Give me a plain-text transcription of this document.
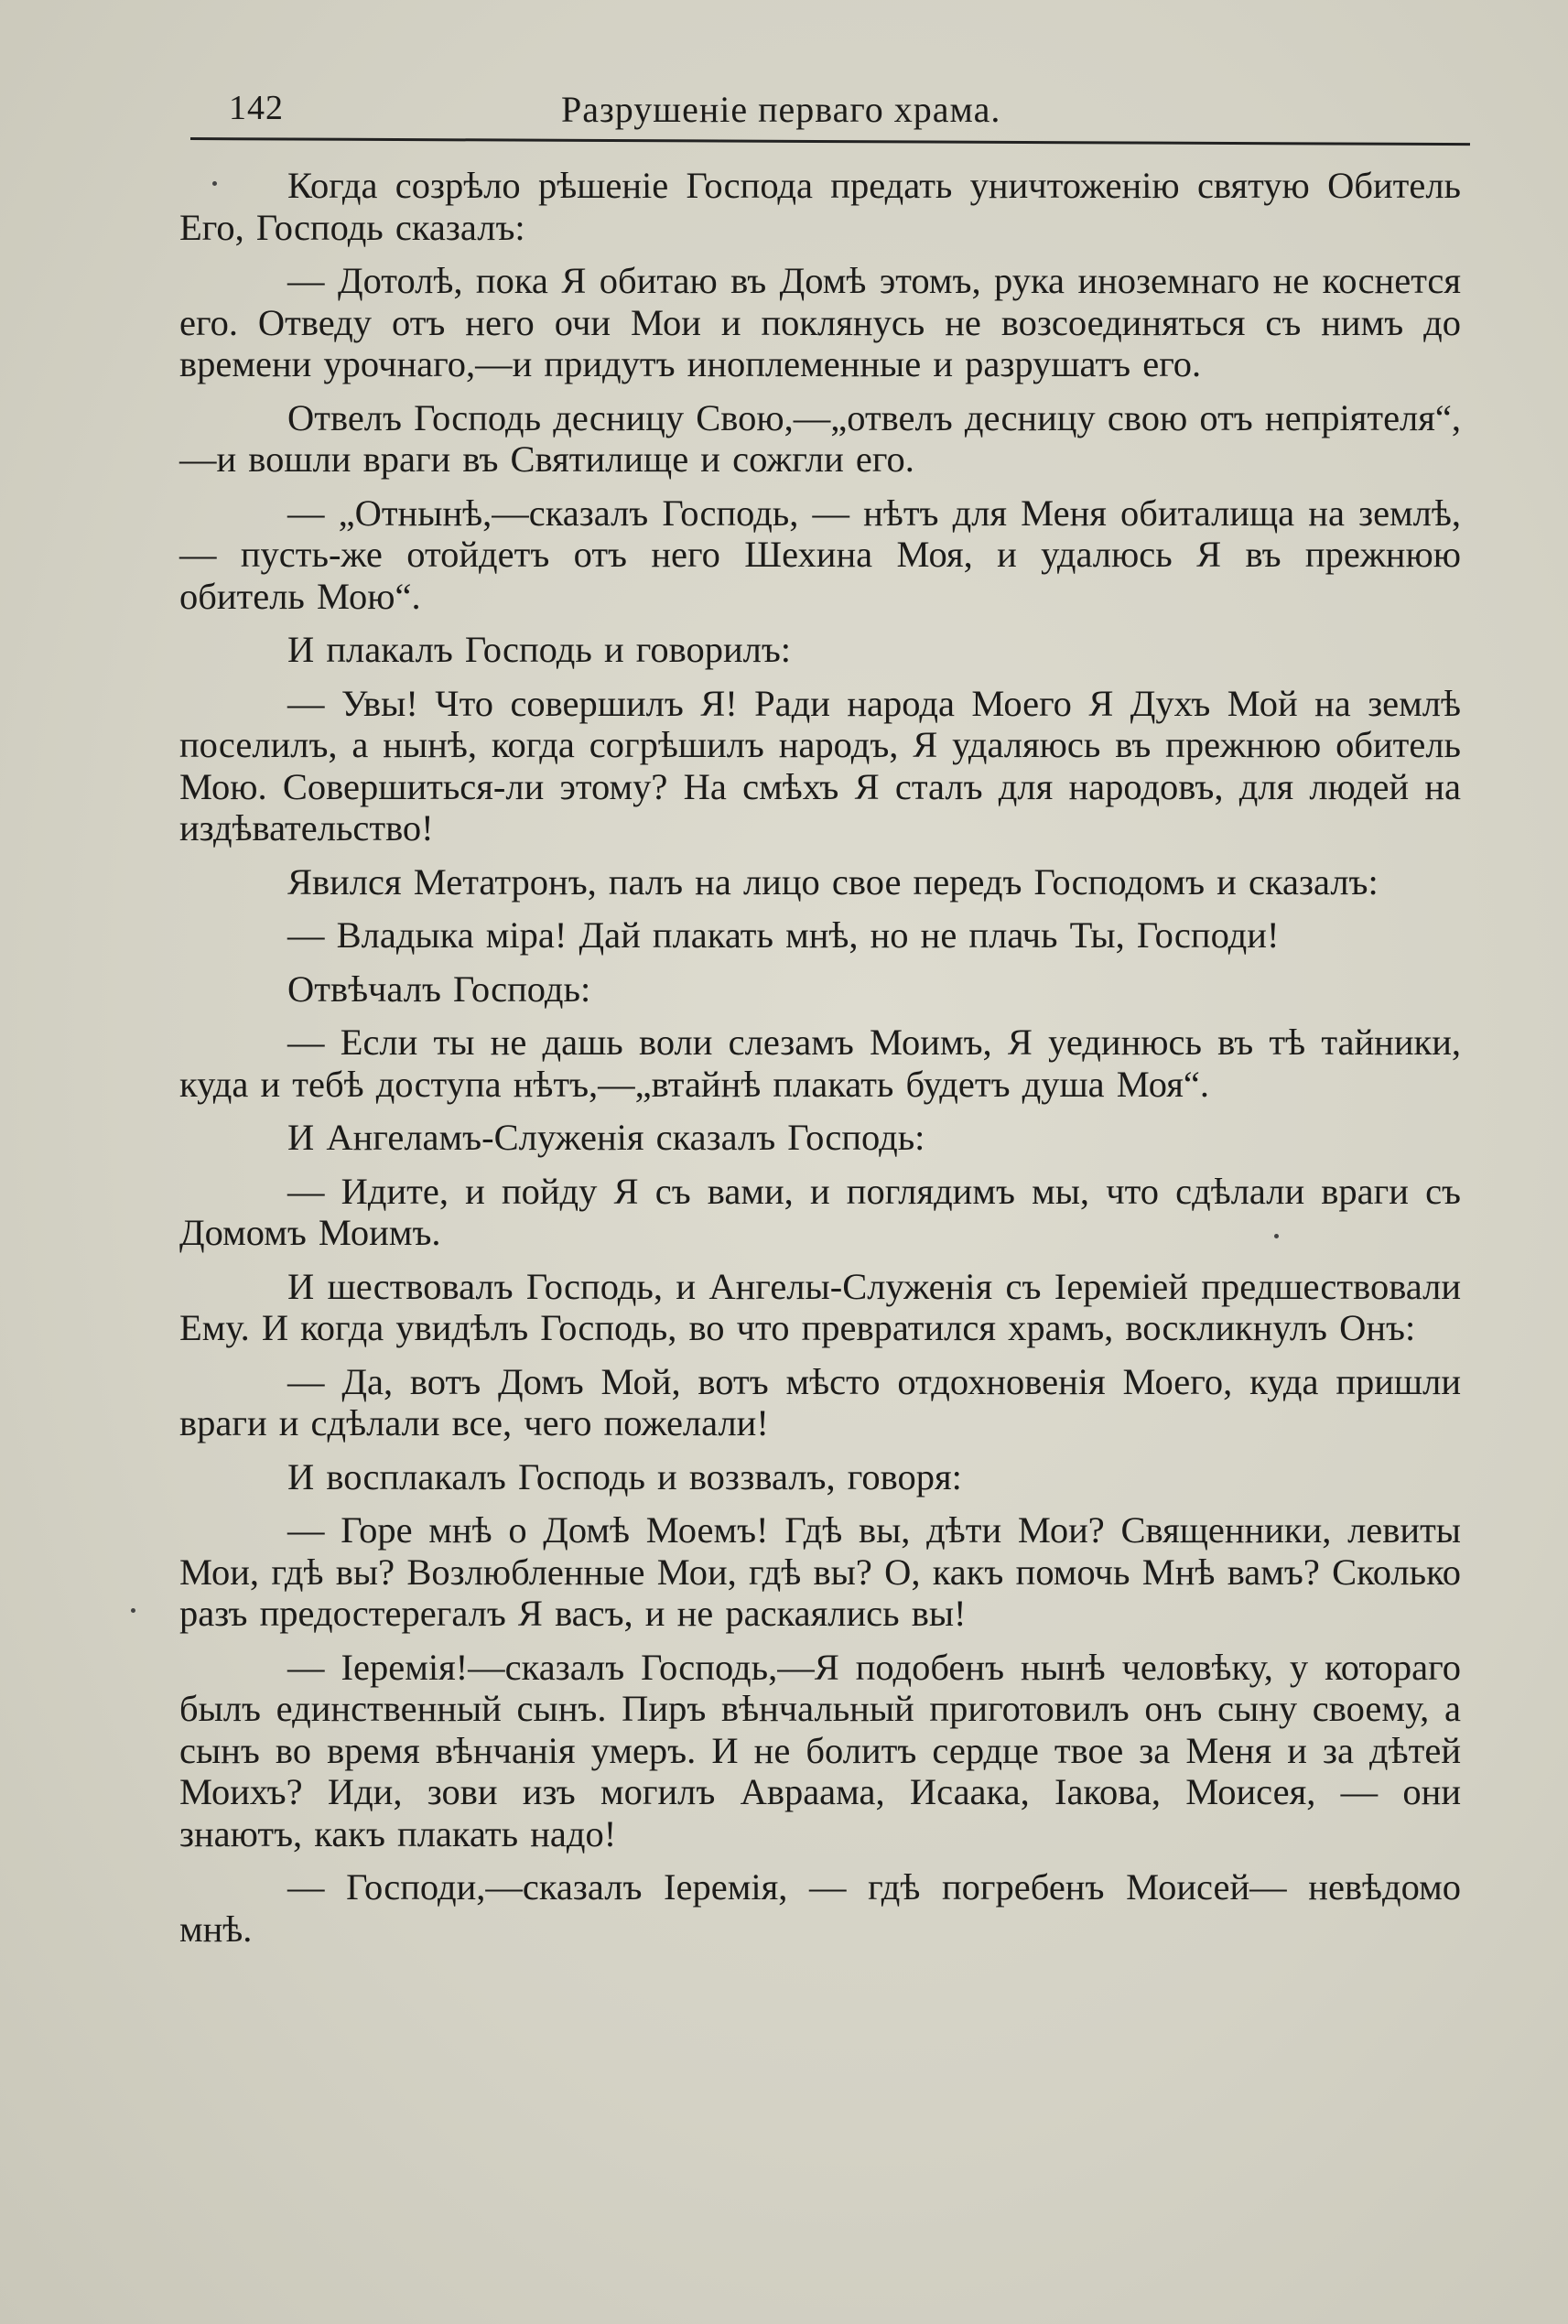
142	Разрушеніе перваго храма.

Когда созрѣло рѣшеніе Господа предать уничтоженію святую Обитель Его, Господь сказалъ:

— Дотолѣ, пока Я обитаю въ Домѣ этомъ, рука иноземнаго не коснется его. Отведу отъ него очи Мои и поклянусь не возсоединяться съ нимъ до времени урочнаго,—и придутъ иноплеменные и разрушатъ его.

Отвелъ Господь десницу Свою,—„отвелъ десницу свою отъ непріятеля“,—и вошли враги въ Святилище и сожгли его.

— „Отнынѣ,—сказалъ Господь, — нѣтъ для Меня обиталища на землѣ, — пусть-же отойдетъ отъ него Шехина Моя, и удалюсь Я въ прежнюю обитель Мою“.

И плакалъ Господь и говорилъ:

— Увы! Что совершилъ Я! Ради народа Моего Я Духъ Мой на землѣ поселилъ, а нынѣ, когда согрѣшилъ народъ, Я удаляюсь въ прежнюю обитель Мою. Совершиться-ли этому? На смѣхъ Я сталъ для народовъ, для людей на издѣвательство!

Явился Метатронъ, палъ на лицо свое передъ Господомъ и сказалъ:

— Владыка міра! Дай плакать мнѣ, но не плачь Ты, Господи!

Отвѣчалъ Господь:

— Если ты не дашь воли слезамъ Моимъ, Я уединюсь въ тѣ тайники, куда и тебѣ доступа нѣтъ,—„втайнѣ плакать будетъ душа Моя“.

И Ангеламъ-Служенія сказалъ Господь:

— Идите, и пойду Я съ вами, и поглядимъ мы, что сдѣлали враги съ Домомъ Моимъ.

И шествовалъ Господь, и Ангелы-Служенія съ Іереміей предшествовали Ему. И когда увидѣлъ Господь, во что превратился храмъ, воскликнулъ Онъ:

— Да, вотъ Домъ Мой, вотъ мѣсто отдохновенія Моего, куда пришли враги и сдѣлали все, чего пожелали!

И восплакалъ Господь и воззвалъ, говоря:

— Горе мнѣ о Домѣ Моемъ! Гдѣ вы, дѣти Мои? Священники, левиты Мои, гдѣ вы? Возлюбленные Мои, гдѣ вы? О, какъ помочь Мнѣ вамъ? Сколько разъ предостерегалъ Я васъ, и не раскаялись вы!

— Іеремія!—сказалъ Господь,—Я подобенъ нынѣ человѣку, у котораго былъ единственный сынъ. Пиръ вѣнчальный приготовилъ онъ сыну своему, а сынъ во время вѣнчанія умеръ. И не болитъ сердце твое за Меня и за дѣтей Моихъ? Иди, зови изъ могилъ Авраама, Исаака, Іакова, Моисея, — они знаютъ, какъ плакать надо!

— Господи,—сказалъ Іеремія, — гдѣ погребенъ Моисей— невѣдомо мнѣ.
